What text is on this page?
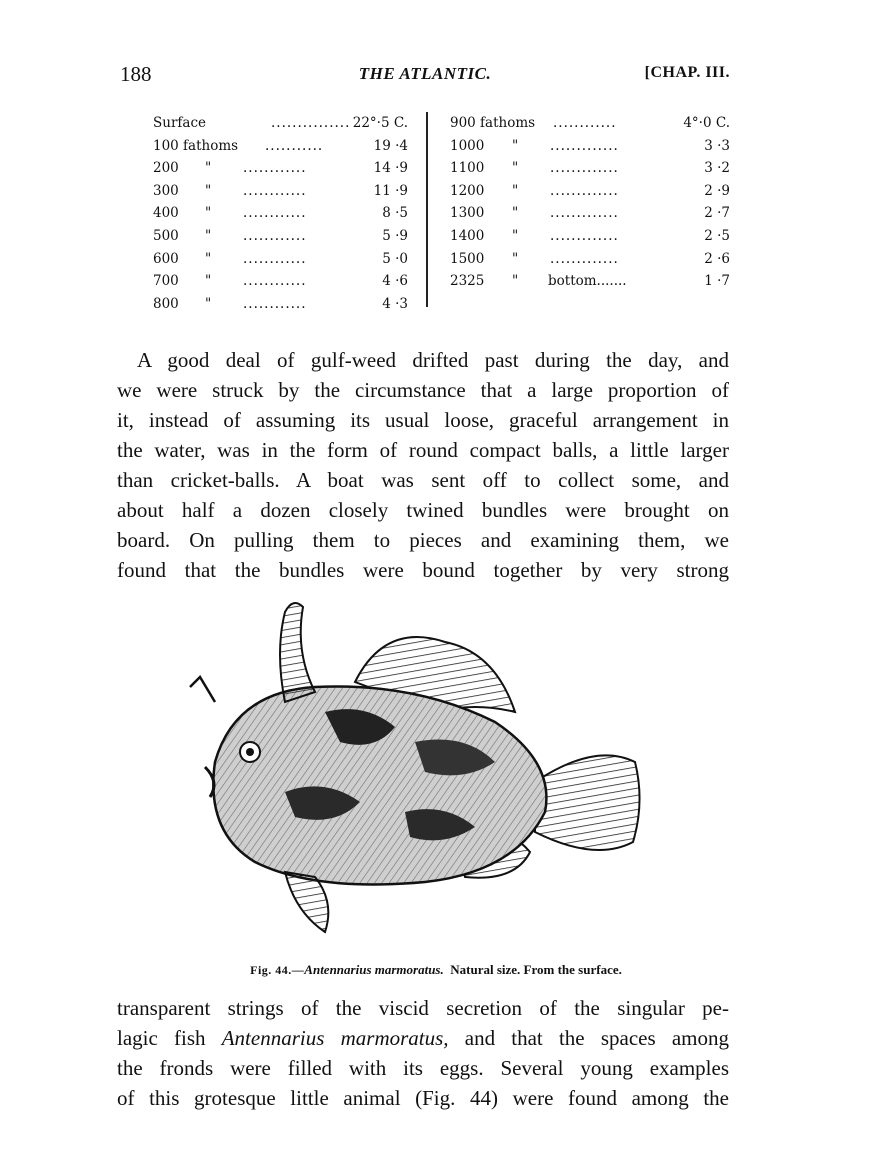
188	THE ATLANTIC.	[CHAP. III.
Surface	............... 22°·5 C.
100 fathoms ...........	19 ·4
200 " ............	14 ·9
300 " ............	11 ·9
400 " ............	8 ·5
500 " ............	5 ·9
600 " ............	5 ·0
700 " ............	4 ·6
800 " ............	4 ·3
900 fathoms ............	4°·0 C.
1000 " .............	3 ·3
1100 " .............	3 ·2
1200 " .............	2 ·9
1300 " .............	2 ·7
1400 " .............	2 ·5
1500 " .............	2 ·6
2325 " bottom.......	1 ·7
A good deal of gulf-weed drifted past during the day, and
we were struck by the circumstance that a large proportion of
it, instead of assuming its usual loose, graceful arrangement in
the water, was in the form of round compact balls, a little larger
than cricket-balls. A boat was sent off to collect some, and
about half a dozen closely twined bundles were brought on
board. On pulling them to pieces and examining them, we
found that the bundles were bound together by very strong
Fig. 44.—Antennarius marmoratus. Natural size. From the surface.
transparent strings of the viscid secretion of the singular pe-
lagic fish Antennarius marmoratus, and that the spaces among
the fronds were filled with its eggs. Several young examples
of this grotesque little animal (Fig. 44) were found among the
